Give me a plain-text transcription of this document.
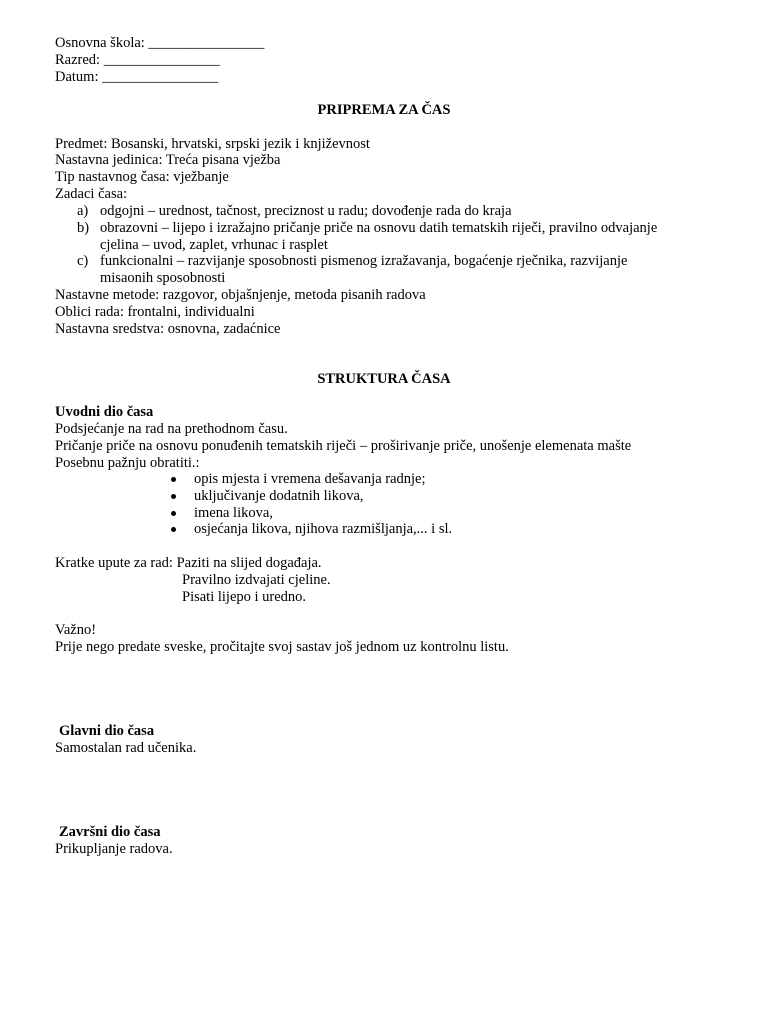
Osnovna škola: ________________
Razred: ________________
Datum: ________________
PRIPREMA ZA ČAS
Predmet: Bosanski, hrvatski, srpski jezik i književnost
Nastavna jedinica: Treća pisana vježba
Tip nastavnog časa: vježbanje
Zadaci časa:
a) odgojni – urednost, tačnost, preciznost u radu; dovođenje rada do kraja
b) obrazovni – lijepo i izražajno pričanje priče na osnovu datih tematskih riječi, pravilno odvajanje
cjelina – uvod, zaplet, vrhunac i rasplet
c) funkcionalni – razvijanje sposobnosti pismenog izražavanja, bogaćenje rječnika, razvijanje
misaonih sposobnosti
Nastavne metode: razgovor, objašnjenje, metoda pisanih radova
Oblici rada: frontalni, individualni
Nastavna sredstva: osnovna, zadaćnice
STRUKTURA ČASA
Uvodni dio časa
Podsjećanje na rad na prethodnom času.
Pričanje priče na osnovu ponuđenih tematskih riječi – proširivanje priče, unošenje elemenata mašte
Posebnu pažnju obratiti.:
opis mjesta i vremena dešavanja radnje;
uključivanje dodatnih likova,
imena likova,
osjećanja likova, njihova razmišljanja,... i sl.
Kratke upute za rad: Paziti na slijed događaja.
Pravilno izdvajati cjeline.
Pisati lijepo i uredno.
Važno!
Prije nego predate sveske, pročitajte svoj sastav još jednom uz kontrolnu listu.
Glavni dio časa
Samostalan rad učenika.
Završni dio časa
Prikupljanje radova.
